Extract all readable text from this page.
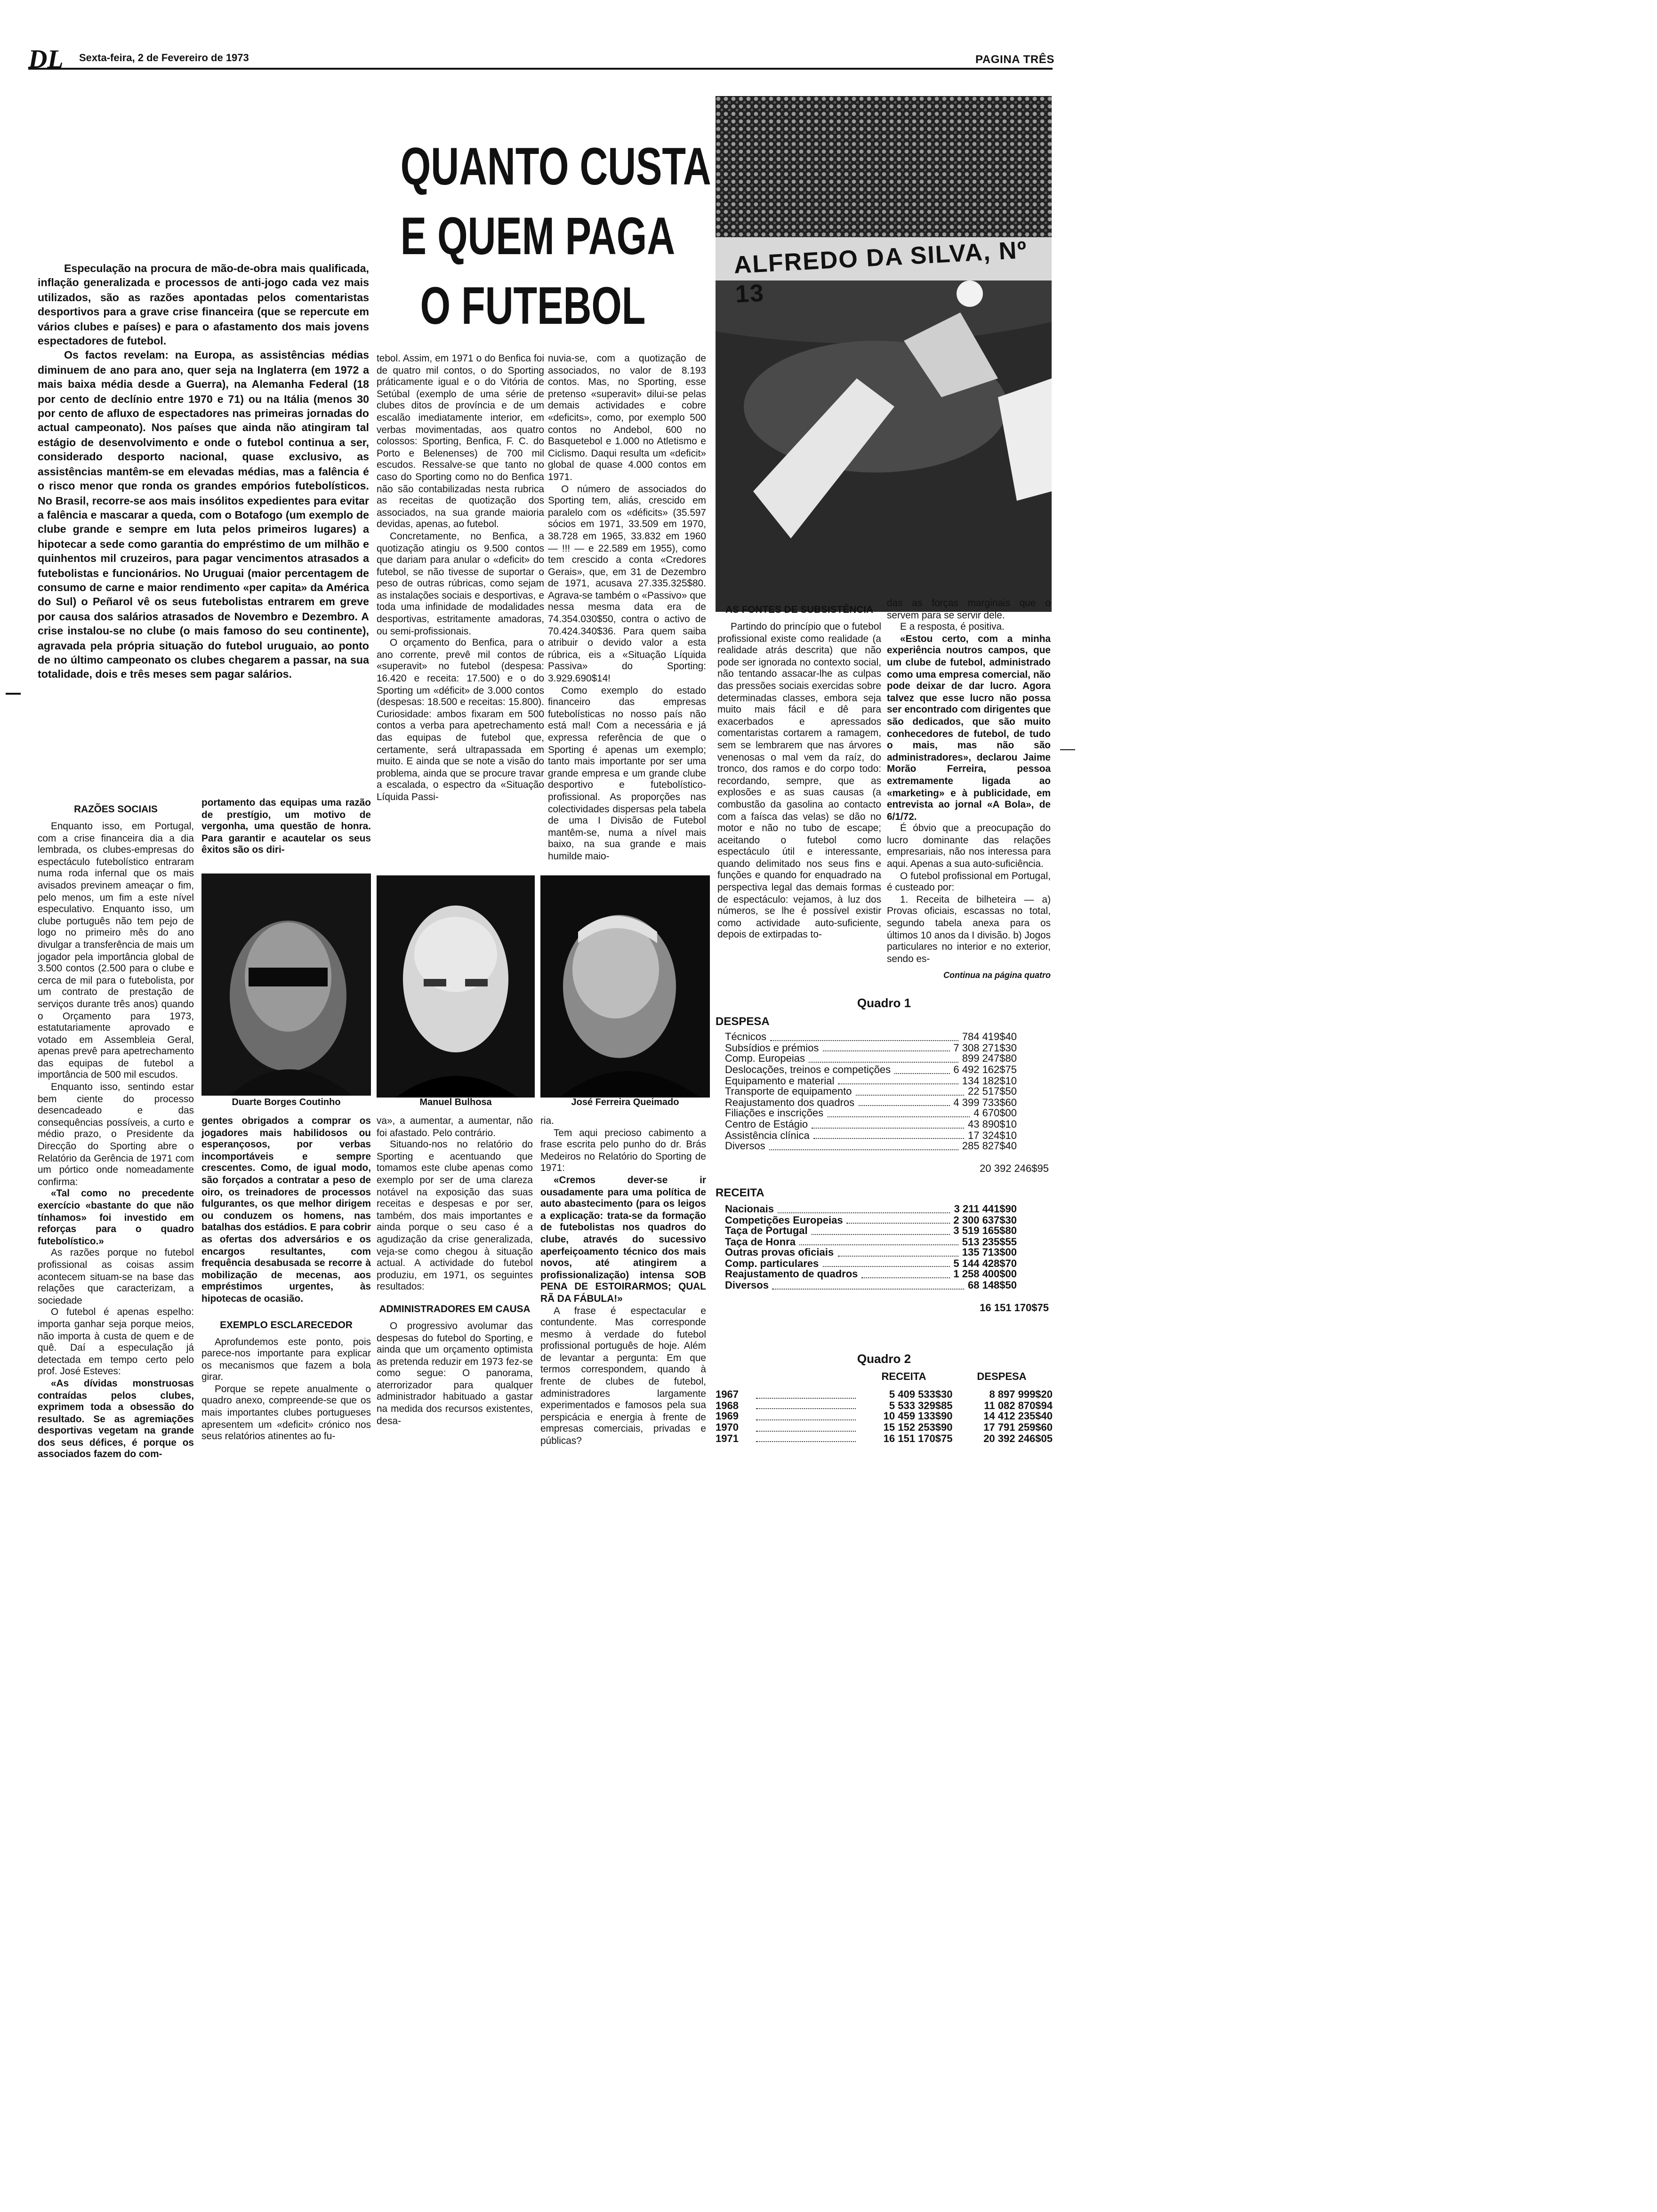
DL	Sexta-feira, 2 de Fevereiro de 1973	PAGINA TRÊS
QUANTO CUSTA
E QUEM PAGA
O FUTEBOL

Especulação na procura de mão-de-obra mais qualificada, inflação generalizada e processos de anti-jogo cada vez mais utilizados, são as razões apontadas pelos comentaristas desportivos para a grave crise financeira (que se repercute em vários clubes e países) e para o afastamento dos mais jovens espectadores de futebol.

Os factos revelam: na Europa, as assistências médias diminuem de ano para ano, quer seja na Inglaterra (em 1972 a mais baixa média desde a Guerra), na Alemanha Federal (18 por cento de declínio entre 1970 e 71) ou na Itália (menos 30 por cento de afluxo de espectadores nas primeiras jornadas do actual campeonato). Nos países que ainda não atingiram tal estágio de desenvolvimento e onde o futebol continua a ser, considerado desporto nacional, quase exclusivo, as assistências mantêm-se em elevadas médias, mas a falência é o risco menor que ronda os grandes empórios futebolísticos. No Brasil, recorre-se aos mais insólitos expedientes para evitar a falência e mascarar a queda, com o Botafogo (um exemplo de clube grande e sempre em luta pelos primeiros lugares) a hipotecar a sede como garantia do empréstimo de um milhão e quinhentos mil cruzeiros, para pagar vencimentos atrasados a futebolistas e funcionários. No Uruguai (maior percentagem de consumo de carne e maior rendimento «per capita» da América do Sul) o Peñarol vê os seus futebolistas entrarem em greve por causa dos salários atrasados de Novembro e Dezembro. A crise instalou-se no clube (o mais famoso do seu continente), agravada pela própria situação do futebol uruguaio, ao ponto de no último campeonato os clubes chegarem a passar, na sua totalidade, dois e três meses sem pagar salários.

tebol. Assim, em 1971 o do Benfica foi de quatro mil contos, o do Sporting práticamente igual e o do Vitória de Setúbal (exemplo de uma série de clubes ditos de província e de um escalão imediatamente interior, em verbas movimentadas, aos quatro colossos: Sporting, Benfica, F. C. do Porto e Belenenses) de 700 mil escudos. Ressalve-se que tanto no caso do Sporting como no do Benfica não são contabilizadas nesta rubrica as receitas de quotização dos associados, na sua grande maioria devidas, apenas, ao futebol.

Concretamente, no Benfica, a quotização atingiu os 9.500 contos que dariam para anular o «deficit» do futebol, se não tivesse de suportar o peso de outras rúbricas, como sejam as instalações sociais e desportivas, e toda uma infinidade de modalidades desportivas, estritamente amadoras, ou semi-profissionais.

O orçamento do Benfica, para o ano corrente, prevê mil contos de «superavit» no futebol (despesa: 16.420 e receita: 17.500) e o do Sporting um «déficit» de 3.000 contos (despesas: 18.500 e receitas: 15.800). Curiosidade: ambos fixaram em 500 contos a verba para apetrechamento das equipas de futebol que, certamente, será ultrapassada em muito. E ainda que se note a visão do problema, ainda que se procure travar a escalada, o espectro da «Situação Líquida Passi-

nuvia-se, com a quotização de associados, no valor de 8.193 contos. Mas, no Sporting, esse pretenso «superavit» dilui-se pelas demais actividades e cobre «deficits», como, por exemplo 500 contos no Andebol, 600 no Basquetebol e 1.000 no Atletismo e Ciclismo. Daqui resulta um «deficit» global de quase 4.000 contos em 1971.

O número de associados do Sporting tem, aliás, crescido em paralelo com os «déficits» (35.597 sócios em 1971, 33.509 em 1970, 38.728 em 1965, 33.832 em 1960 — !!! — e 22.589 em 1955), como tem crescido a conta «Credores Gerais», que, em 31 de Dezembro de 1971, acusava 27.335.325$80. Agrava-se também o «Passivo» que nessa mesma data era de 74.354.030$50, contra o activo de 70.424.340$36. Para quem saiba atribuir o devido valor a esta rúbrica, eis a «Situação Líquida Passiva» do Sporting: 3.929.690$14!

Como exemplo do estado financeiro das empresas futebolísticas no nosso país não está mal! Com a necessária e já expressa referência de que o Sporting é apenas um exemplo; tanto mais importante por ser uma grande empresa e um grande clube desportivo e futebolístico-profissional. As proporções nas colectividades dispersas pela tabela de uma I Divisão de Futebol mantêm-se, numa a nível mais baixo, na sua grande e mais humilde maio-

ALFREDO DA SILVA, Nº 13
RAZÕES SOCIAIS

Enquanto isso, em Portugal, com a crise financeira dia a dia lembrada, os clubes-empresas do espectáculo futebolístico entraram numa roda infernal que os mais avisados previnem ameaçar o fim, pelo menos, um fim a este nível especulativo. Enquanto isso, um clube português não tem pejo de logo no primeiro mês do ano divulgar a transferência de mais um jogador pela importância global de 3.500 contos (2.500 para o clube e cerca de mil para o futebolista, por um contrato de prestação de serviços durante três anos) quando o Orçamento para 1973, estatutariamente aprovado e votado em Assembleia Geral, apenas prevê para apetrechamento das equipas de futebol a importância de 500 mil escudos.

Enquanto isso, sentindo estar bem ciente do processo desencadeado e das consequências possíveis, a curto e médio prazo, o Presidente da Direcção do Sporting abre o Relatório da Gerência de 1971 com um pórtico onde nomeadamente confirma:

«Tal como no precedente exercício «bastante do que não tínhamos» foi investido em reforças para o quadro futebolístico.»

As razões porque no futebol profissional as coisas assim acontecem situam-se na base das relações que caracterizam, a sociedade

O futebol é apenas espelho: importa ganhar seja porque meios, não importa à custa de quem e de quê. Daí a especulação já detectada em tempo certo pelo prof. José Esteves:

«As dívidas monstruosas contraídas pelos clubes, exprimem toda a obsessão do resultado. Se as agremiações desportivas vegetam na grande dos seus défices, é porque os associados fazem do com-

portamento das equipas uma razão de prestígio, um motivo de vergonha, uma questão de honra. Para garantir e acautelar os seus êxitos são os diri-

Duarte Borges Coutinho	Manuel Bulhosa	José Ferreira Queimado

gentes obrigados a comprar os jogadores mais habilidosos ou esperançosos, por verbas incomportáveis e sempre crescentes. Como, de igual modo, são forçados a contratar a peso de oiro, os treinadores de processos fulgurantes, os que melhor dirigem ou conduzem os homens, nas batalhas dos estádios. E para cobrir as ofertas dos adversários e os encargos resultantes, com frequência desabusada se recorre à mobilização de mecenas, aos empréstimos urgentes, às hipotecas de ocasião.

EXEMPLO ESCLARECEDOR

Aprofundemos este ponto, pois parece-nos importante para explicar os mecanismos que fazem a bola girar.

Porque se repete anualmente o quadro anexo, compreende-se que os mais importantes clubes portugueses apresentem um «deficit» crónico nos seus relatórios atinentes ao fu-

va», a aumentar, a aumentar, não foi afastado. Pelo contrário.

Situando-nos no relatório do Sporting e acentuando que tomamos este clube apenas como exemplo por ser de uma clareza notável na exposição das suas receitas e despesas e por ser, também, dos mais importantes e ainda porque o seu caso é a agudização da crise generalizada, veja-se como chegou à situação actual. A actividade do futebol produziu, em 1971, os seguintes resultados:

ADMINISTRADORES EM CAUSA

O progressivo avolumar das despesas do futebol do Sporting, e ainda que um orçamento optimista as pretenda reduzir em 1973 fez-se como segue: O panorama, aterrorizador para qualquer administrador habituado a gastar na medida dos recursos existentes, desa-

ria.

Tem aqui precioso cabimento a frase escrita pelo punho do dr. Brás Medeiros no Relatório do Sporting de 1971:

«Cremos dever-se ir ousadamente para uma política de auto abastecimento (para os leigos a explicação: trata-se da formação de futebolistas nos quadros do clube, através do sucessivo aperfeiçoamento técnico dos mais novos, até atingirem a profissionalização) intensa SOB PENA DE ESTOIRARMOS; QUAL RÃ DA FÁBULA!»

A frase é espectacular e contundente. Mas corresponde mesmo à verdade do futebol profissional português de hoje. Além de levantar a pergunta: Em que termos correspondem, quando à frente de clubes de futebol, administradores largamente experimentados e famosos pela sua perspicácia e energia à frente de empresas comerciais, privadas e públicas?

AS FONTES DE SUBSISTÊNCIA

Partindo do princípio que o futebol profissional existe como realidade (a realidade atrás descrita) que não pode ser ignorada no contexto social, não tentando assacar-lhe as culpas das pressões sociais exercidas sobre determinadas classes, embora seja muito mais fácil e dê para exacerbados e apressados comentaristas cortarem a ramagem, sem se lembrarem que nas árvores venenosas o mal vem da raíz, do tronco, dos ramos e do corpo todo: recordando, sempre, que as explosões e as suas causas (a combustão da gasolina ao contacto com a faísca das velas) se dão no motor e não no tubo de escape; aceitando o futebol como espectáculo útil e interessante, quando delimitado nos seus fins e funções e quando for enquadrado na perspectiva legal das demais formas de espectáculo: vejamos, à luz dos números, se lhe é possível existir como actividade auto-suficiente, depois de extirpadas to-

das as forças marginais que o servem para se servir dele.

E a resposta, é positiva.

«Estou certo, com a minha experiência noutros campos, que um clube de futebol, administrado como uma empresa comercial, não pode deixar de dar lucro. Agora talvez que esse lucro não possa ser encontrado com dirigentes que são dedicados, que são muito conhecedores de futebol, de tudo o mais, mas não são administradores», declarou Jaime Morão Ferreira, pessoa extremamente ligada ao «marketing» e à publicidade, em entrevista ao jornal «A Bola», de 6/1/72.

É óbvio que a preocupação do lucro dominante das relações empresariais, não nos interessa para aqui. Apenas a sua auto-suficiência.

O futebol profissional em Portugal, é custeado por:

1. Receita de bilheteira — a) Provas oficiais, escassas no total, segundo tabela anexa para os últimos 10 anos da I divisão. b) Jogos particulares no interior e no exterior, sendo es-

Continua na página quatro
Quadro 1
DESPESA
Técnicos	784 419$40
Subsídios e prémios	7 308 271$30
Comp. Europeias	899 247$80
Deslocações, treinos e competições	6 492 162$75
Equipamento e material	134 182$10
Transporte de equipamento	22 517$50
Reajustamento dos quadros	4 399 733$60
Filiações e inscrições	4 670$00
Centro de Estágio	43 890$10
Assistência clínica	17 324$10
Diversos	285 827$40
20 392 246$95
RECEITA
Nacionais	3 211 441$90
Competições Europeias	2 300 637$30
Taça de Portugal	3 519 165$80
Taça de Honra	513 235$55
Outras provas oficiais	135 713$00
Comp. particulares	5 144 428$70
Reajustamento de quadros	1 258 400$00
Diversos	68 148$50
16 151 170$75
Quadro 2
RECEITA	DESPESA
1967	5 409 533$30	8 897 999$20
1968	5 533 329$85	11 082 870$94
1969	10 459 133$90	14 412 235$40
1970	15 152 253$90	17 791 259$60
1971	16 151 170$75	20 392 246$05
